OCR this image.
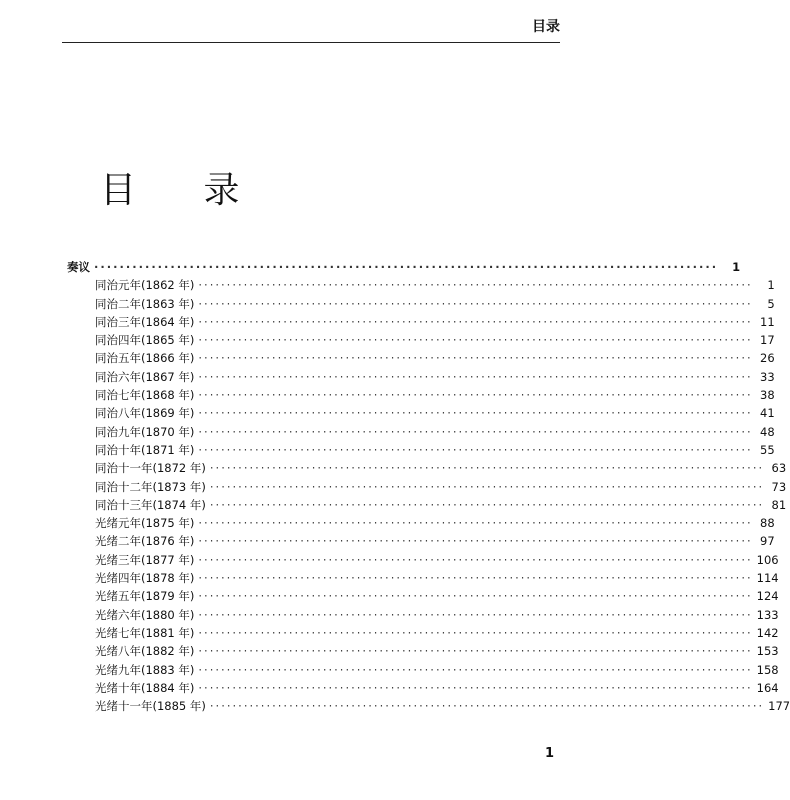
目录
目 录
奏议 ··································································································	1
同治元年(1862 年) ··································································································	1
同治二年(1863 年) ··································································································	5
同治三年(1864 年) ·································································································· 11
同治四年(1865 年) ·································································································· 17
同治五年(1866 年) ·································································································· 26
同治六年(1867 年) ·································································································· 33
同治七年(1868 年) ·································································································· 38
同治八年(1869 年) ·································································································· 41
同治九年(1870 年) ·································································································· 48
同治十年(1871 年) ·································································································· 55
同治十一年(1872 年) ·································································································· 63
同治十二年(1873 年) ·································································································· 73
同治十三年(1874 年) ·································································································· 81
光绪元年(1875 年) ·································································································· 88
光绪二年(1876 年) ·································································································· 97
光绪三年(1877 年) ·································································································· 106
光绪四年(1878 年) ·································································································· 114
光绪五年(1879 年) ·································································································· 124
光绪六年(1880 年) ·································································································· 133
光绪七年(1881 年) ·································································································· 142
光绪八年(1882 年) ·································································································· 153
光绪九年(1883 年) ·································································································· 158
光绪十年(1884 年) ·································································································· 164
光绪十一年(1885 年) ·································································································· 177
1
